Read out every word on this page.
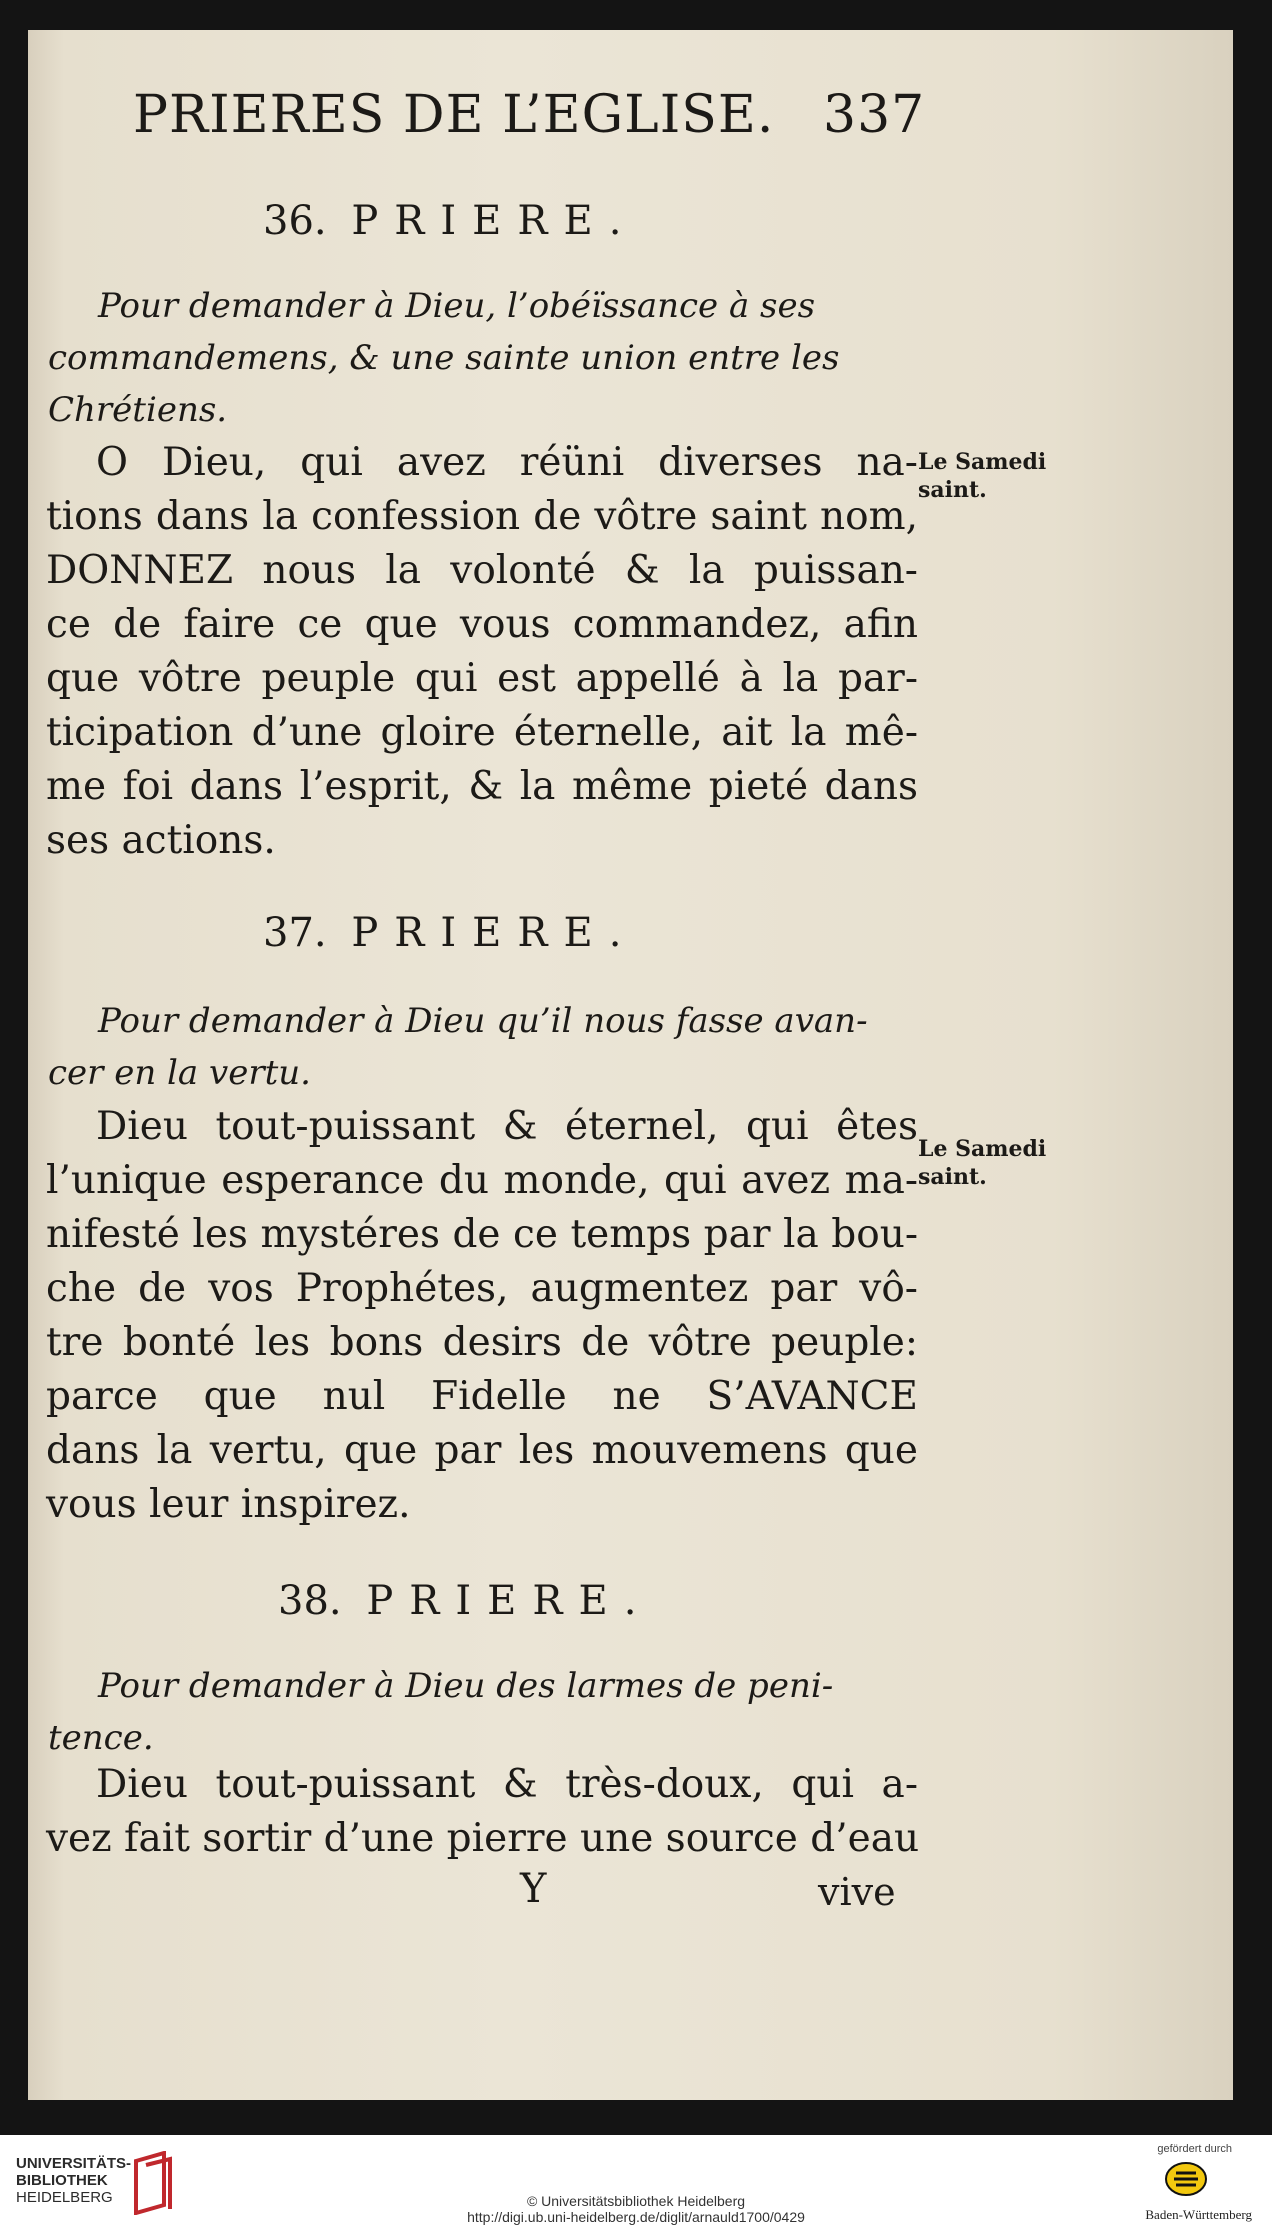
PRIERES DE L’EGLISE. 337
36. PRIERE.
Pour demander à Dieu, l’obéïssance à ses
commandemens, & une sainte union entre les
Chrétiens.
Le Samedi
saint.
O Dieu, qui avez réüni diverses na-
tions dans la confession de vôtre saint nom,
DONNEZ nous la volonté & la puissan-
ce de faire ce que vous commandez, afin
que vôtre peuple qui est appellé à la par-
ticipation d’une gloire éternelle, ait la mê-
me foi dans l’esprit, & la même pieté dans
ses actions.
37. PRIERE.
Pour demander à Dieu qu’il nous fasse avan-
cer en la vertu.
Le Samedi
saint.
Dieu tout-puissant & éternel, qui êtes
l’unique esperance du monde, qui avez ma-
nifesté les mystéres de ce temps par la bou-
che de vos Prophétes, augmentez par vô-
tre bonté les bons desirs de vôtre peuple:
parce que nul Fidelle ne S’AVANCE
dans la vertu, que par les mouvemens que
vous leur inspirez.
38. PRIERE.
Pour demander à Dieu des larmes de peni-
tence.
Dieu tout-puissant & très-doux, qui a-
vez fait sortir d’une pierre une source d’eau
Y	vive
UNIVERSITÄTS-
BIBLIOTHEK
HEIDELBERG	© Universitätsbibliothek Heidelberg
http://digi.ub.uni-heidelberg.de/diglit/arnauld1700/0429
gefördert durch
Baden-Württemberg
